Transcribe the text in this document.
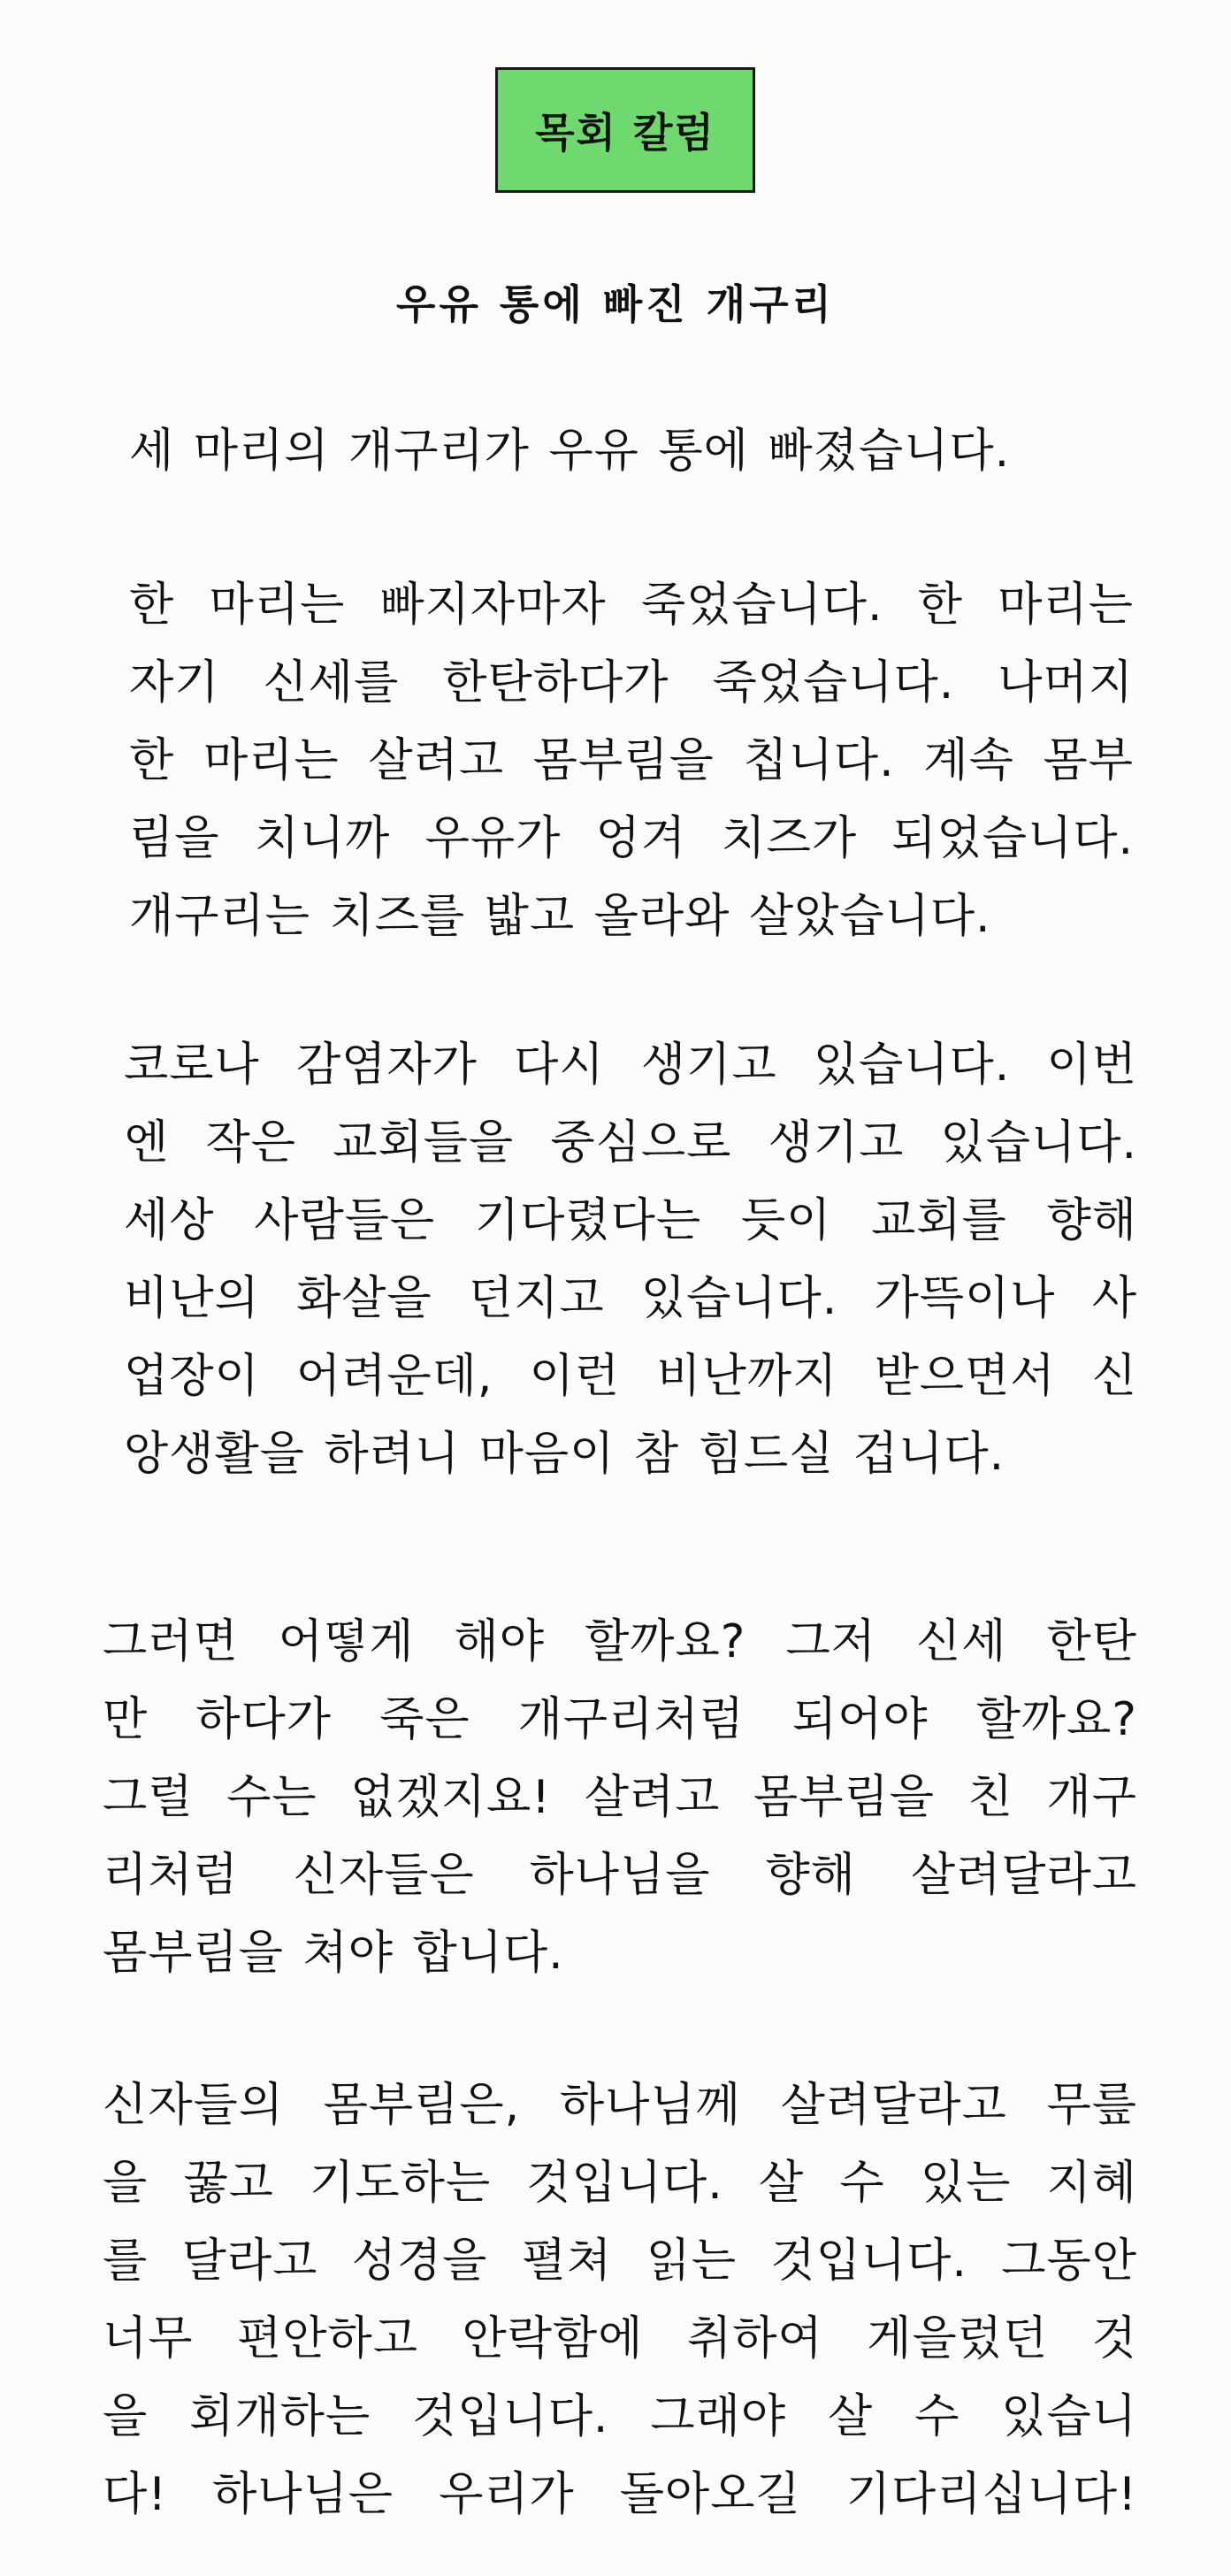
목회 칼럼
우유 통에 빠진 개구리
세 마리의 개구리가 우유 통에 빠졌습니다.
한 마리는 빠지자마자 죽었습니다. 한 마리는
자기 신세를 한탄하다가 죽었습니다. 나머지
한 마리는 살려고 몸부림을 칩니다. 계속 몸부
림을 치니까 우유가 엉겨 치즈가 되었습니다.
개구리는 치즈를 밟고 올라와 살았습니다.
코로나 감염자가 다시 생기고 있습니다. 이번
엔 작은 교회들을 중심으로 생기고 있습니다.
세상 사람들은 기다렸다는 듯이 교회를 향해
비난의 화살을 던지고 있습니다. 가뜩이나 사
업장이 어려운데, 이런 비난까지 받으면서 신
앙생활을 하려니 마음이 참 힘드실 겁니다.
그러면 어떻게 해야 할까요? 그저 신세 한탄
만 하다가 죽은 개구리처럼 되어야 할까요?
그럴 수는 없겠지요! 살려고 몸부림을 친 개구
리처럼 신자들은 하나님을 향해 살려달라고
몸부림을 쳐야 합니다.
신자들의 몸부림은, 하나님께 살려달라고 무릎
을 꿇고 기도하는 것입니다. 살 수 있는 지혜
를 달라고 성경을 펼쳐 읽는 것입니다. 그동안
너무 편안하고 안락함에 취하여 게을렀던 것
을 회개하는 것입니다. 그래야 살 수 있습니
다! 하나님은 우리가 돌아오길 기다리십니다!
